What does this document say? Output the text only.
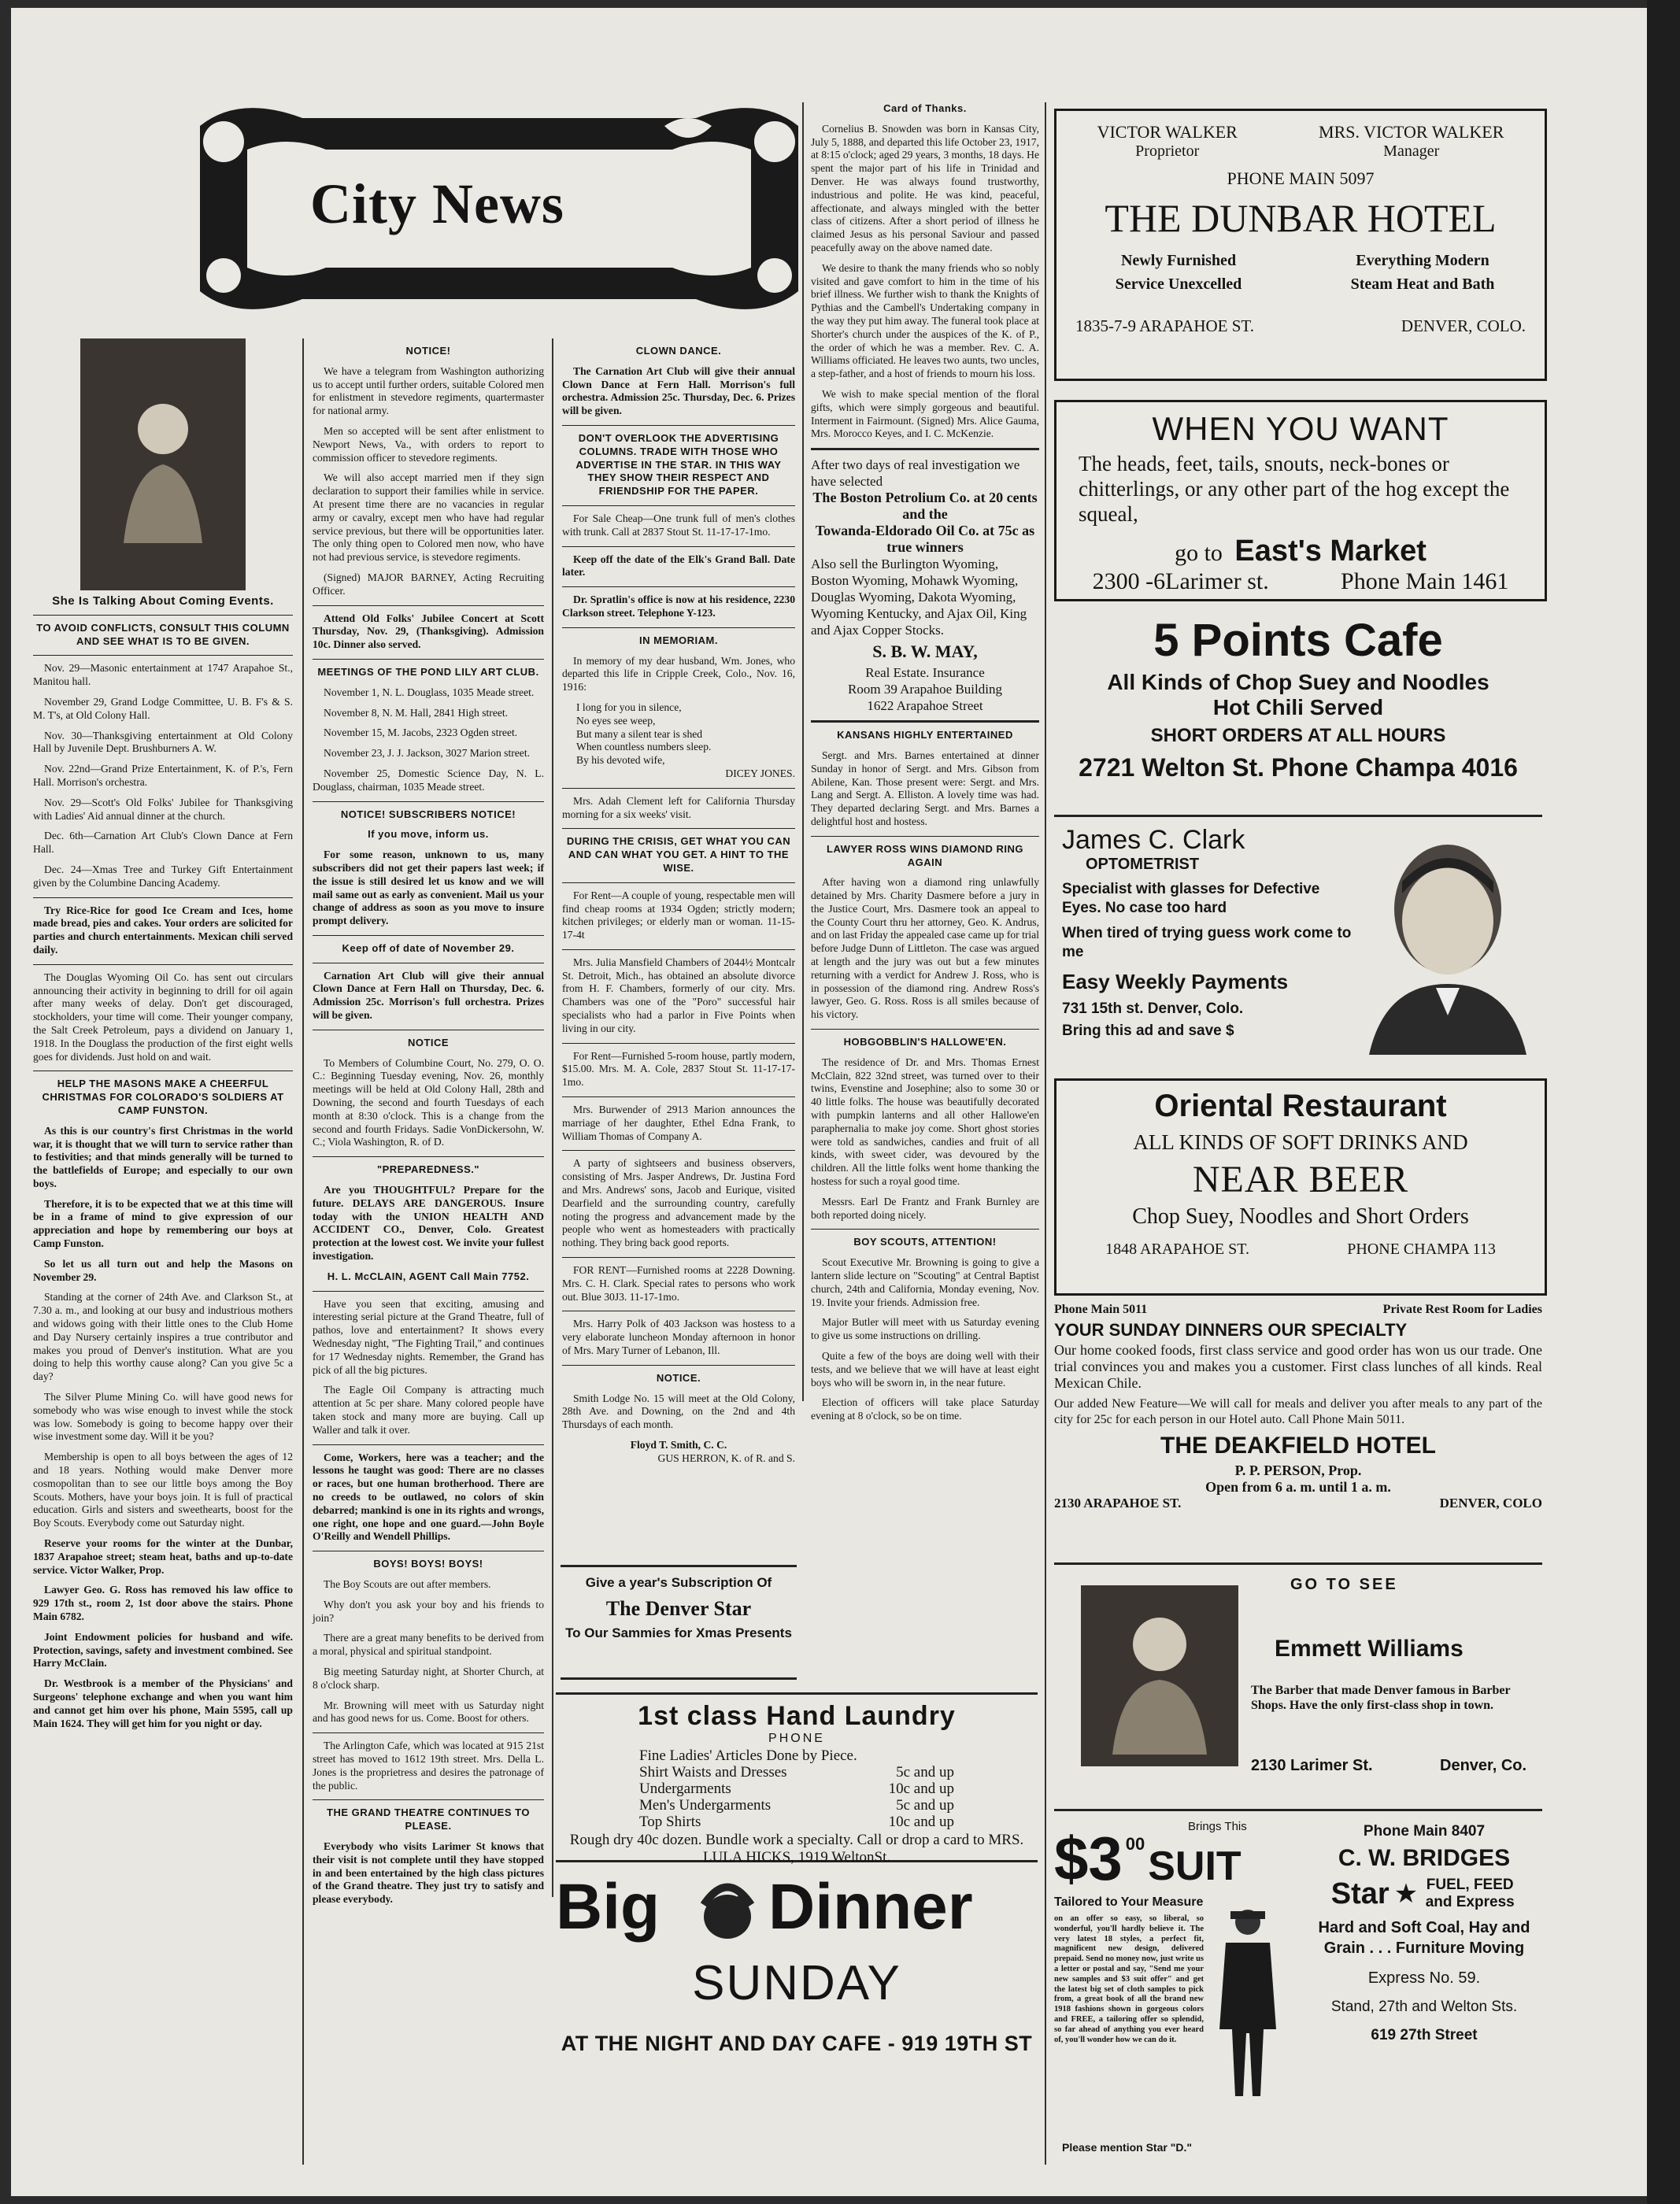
City News
She Is Talking About Coming Events.

TO AVOID CONFLICTS, CONSULT THIS COLUMN AND SEE WHAT IS TO BE GIVEN.

Nov. 29—Masonic entertainment at 1747 Arapahoe St., Manitou hall.

November 29, Grand Lodge Committee, U. B. F's & S. M. T's, at Old Colony Hall.

Nov. 30—Thanksgiving entertainment at Old Colony Hall by Juvenile Dept. Brushburners A. W.

Nov. 22nd—Grand Prize Entertainment, K. of P.'s, Fern Hall. Morrison's orchestra.

Nov. 29—Scott's Old Folks' Jubilee for Thanksgiving with Ladies' Aid annual dinner at the church.

Dec. 6th—Carnation Art Club's Clown Dance at Fern Hall.

Dec. 24—Xmas Tree and Turkey Gift Entertainment given by the Columbine Dancing Academy.

Try Rice-Rice for good Ice Cream and Ices, home made bread, pies and cakes. Your orders are solicited for parties and church entertainments. Mexican chili served daily.

The Douglas Wyoming Oil Co. has sent out circulars announcing their activity in beginning to drill for oil again after many weeks of delay. Don't get discouraged, stockholders, your time will come. Their younger company, the Salt Creek Petroleum, pays a dividend on January 1, 1918. In the Douglass the production of the first eight wells goes for dividends. Just hold on and wait.

HELP THE MASONS MAKE A CHEERFUL CHRISTMAS FOR COLORADO'S SOLDIERS AT CAMP FUNSTON.

As this is our country's first Christmas in the world war, it is thought that we will turn to service rather than to festivities; and that minds generally will be turned to the battlefields of Europe; and especially to our own boys.

Therefore, it is to be expected that we at this time will be in a frame of mind to give expression of our appreciation and hope by remembering our boys at Camp Funston.

So let us all turn out and help the Masons on November 29.

Standing at the corner of 24th Ave. and Clarkson St., at 7.30 a. m., and looking at our busy and industrious mothers and widows going with their little ones to the Club Home and Day Nursery certainly inspires a true contributor and makes you proud of Denver's institution. What are you doing to help this worthy cause along? Can you give 5c a day?

The Silver Plume Mining Co. will have good news for somebody who was wise enough to invest while the stock was low. Somebody is going to become happy over their wise investment some day. Will it be you?

Membership is open to all boys between the ages of 12 and 18 years. Nothing would make Denver more cosmopolitan than to see our little boys among the Boy Scouts. Mothers, have your boys join. It is full of practical education. Girls and sisters and sweethearts, boost for the Boy Scouts. Everybody come out Saturday night.

Reserve your rooms for the winter at the Dunbar, 1837 Arapahoe street; steam heat, baths and up-to-date service. Victor Walker, Prop.

Lawyer Geo. G. Ross has removed his law office to 929 17th st., room 2, 1st door above the stairs. Phone Main 6782.

Joint Endowment policies for husband and wife. Protection, savings, safety and investment combined. See Harry McClain.

Dr. Westbrook is a member of the Physicians' and Surgeons' telephone exchange and when you want him and cannot get him over his phone, Main 5595, call up Main 1624. They will get him for you night or day.

NOTICE!

We have a telegram from Washington authorizing us to accept until further orders, suitable Colored men for enlistment in stevedore regiments, quartermaster for national army.

Men so accepted will be sent after enlistment to Newport News, Va., with orders to report to commission officer to stevedore regiments.

We will also accept married men if they sign declaration to support their families while in service. At present time there are no vacancies in regular army or cavalry, except men who have had regular service previous, but there will be opportunities later. The only thing open to Colored men now, who have not had previous service, is stevedore regiments.

(Signed) MAJOR BARNEY, Acting Recruiting Officer.

Attend Old Folks' Jubilee Concert at Scott Thursday, Nov. 29, (Thanksgiving). Admission 10c. Dinner also served.

MEETINGS OF THE POND LILY ART CLUB.

November 1, N. L. Douglass, 1035 Meade street.

November 8, N. M. Hall, 2841 High street.

November 15, M. Jacobs, 2323 Ogden street.

November 23, J. J. Jackson, 3027 Marion street.

November 25, Domestic Science Day, N. L. Douglass, chairman, 1035 Meade street.

NOTICE! SUBSCRIBERS NOTICE!

If you move, inform us.

For some reason, unknown to us, many subscribers did not get their papers last week; if the issue is still desired let us know and we will mail same out as early as convenient. Mail us your change of address as soon as you move to insure prompt delivery.

Keep off of date of November 29.

Carnation Art Club will give their annual Clown Dance at Fern Hall on Thursday, Dec. 6. Admission 25c. Morrison's full orchestra. Prizes will be given.

NOTICE

To Members of Columbine Court, No. 279, O. O. C.: Beginning Tuesday evening, Nov. 26, monthly meetings will be held at Old Colony Hall, 28th and Downing, the second and fourth Tuesdays of each month at 8:30 o'clock. This is a change from the second and fourth Fridays. Sadie VonDickersohn, W. C.; Viola Washington, R. of D.

"PREPAREDNESS."

Are you THOUGHTFUL? Prepare for the future. DELAYS ARE DANGEROUS. Insure today with the UNION HEALTH AND ACCIDENT CO., Denver, Colo. Greatest protection at the lowest cost. We invite your fullest investigation.

H. L. McCLAIN, AGENT Call Main 7752.

Have you seen that exciting, amusing and interesting serial picture at the Grand Theatre, full of pathos, love and entertainment? It shows every Wednesday night, "The Fighting Trail," and continues for 17 Wednesday nights. Remember, the Grand has pick of all the big pictures.

The Eagle Oil Company is attracting much attention at 5c per share. Many colored people have taken stock and many more are buying. Call up Waller and talk it over.

Come, Workers, here was a teacher; and the lessons he taught was good: There are no classes or races, but one human brotherhood. There are no creeds to be outlawed, no colors of skin debarred; mankind is one in its rights and wrongs, one right, one hope and one guard.—John Boyle O'Reilly and Wendell Phillips.

BOYS! BOYS! BOYS!

The Boy Scouts are out after members.

Why don't you ask your boy and his friends to join?

There are a great many benefits to be derived from a moral, physical and spiritual standpoint.

Big meeting Saturday night, at Shorter Church, at 8 o'clock sharp.

Mr. Browning will meet with us Saturday night and has good news for us. Come. Boost for others.

The Arlington Cafe, which was located at 915 21st street has moved to 1612 19th street. Mrs. Della L. Jones is the proprietress and desires the patronage of the public.

THE GRAND THEATRE CONTINUES TO PLEASE.

Everybody who visits Larimer St knows that their visit is not complete until they have stopped in and been entertained by the high class pictures of the Grand theatre. They just try to satisfy and please everybody.

CLOWN DANCE.

The Carnation Art Club will give their annual Clown Dance at Fern Hall. Morrison's full orchestra. Admission 25c. Thursday, Dec. 6. Prizes will be given.

DON'T OVERLOOK THE ADVERTISING COLUMNS. TRADE WITH THOSE WHO ADVERTISE IN THE STAR. IN THIS WAY THEY SHOW THEIR RESPECT AND FRIENDSHIP FOR THE PAPER.

For Sale Cheap—One trunk full of men's clothes with trunk. Call at 2837 Stout St. 11-17-17-1mo.

Keep off the date of the Elk's Grand Ball. Date later.

Dr. Spratlin's office is now at his residence, 2230 Clarkson street. Telephone Y-123.

IN MEMORIAM.

In memory of my dear husband, Wm. Jones, who departed this life in Cripple Creek, Colo., Nov. 16, 1916:

I long for you in silence,
No eyes see weep,
But many a silent tear is shed
When countless numbers sleep.
By his devoted wife,
DICEY JONES.

Mrs. Adah Clement left for California Thursday morning for a six weeks' visit.

DURING THE CRISIS, GET WHAT YOU CAN AND CAN WHAT YOU GET. A HINT TO THE WISE.

For Rent—A couple of young, respectable men will find cheap rooms at 1934 Ogden; strictly modern; kitchen privileges; or elderly man or woman. 11-15-17-4t

Mrs. Julia Mansfield Chambers of 2044½ Montcalr St. Detroit, Mich., has obtained an absolute divorce from H. F. Chambers, formerly of our city. Mrs. Chambers was one of the "Poro" successful hair specialists who had a parlor in Five Points when living in our city.

For Rent—Furnished 5-room house, partly modern, $15.00. Mrs. M. A. Cole, 2837 Stout St. 11-17-17-1mo.

Mrs. Burwender of 2913 Marion announces the marriage of her daughter, Ethel Edna Frank, to William Thomas of Company A.

A party of sightseers and business observers, consisting of Mrs. Jasper Andrews, Dr. Justina Ford and Mrs. Andrews' sons, Jacob and Eurique, visited Dearfield and the surrounding country, carefully noting the progress and advancement made by the people who went as homesteaders with practically nothing. They bring back good reports.

FOR RENT—Furnished rooms at 2228 Downing. Mrs. C. H. Clark. Special rates to persons who work out. Blue 30J3. 11-17-1mo.

Mrs. Harry Polk of 403 Jackson was hostess to a very elaborate luncheon Monday afternoon in honor of Mrs. Mary Turner of Lebanon, Ill.

NOTICE.

Smith Lodge No. 15 will meet at the Old Colony, 28th Ave. and Downing, on the 2nd and 4th Thursdays of each month.

Floyd T. Smith, C. C.
GUS HERRON, K. of R. and S.
Give a year's Subscription Of
The Denver Star
To Our Sammies for Xmas Presents

Card of Thanks.

Cornelius B. Snowden was born in Kansas City, July 5, 1888, and departed this life October 23, 1917, at 8:15 o'clock; aged 29 years, 3 months, 18 days. He spent the major part of his life in Trinidad and Denver. He was always found trustworthy, industrious and polite. He was kind, peaceful, affectionate, and always mingled with the better class of citizens. After a short period of illness he claimed Jesus as his personal Saviour and passed peacefully away on the above named date.

We desire to thank the many friends who so nobly visited and gave comfort to him in the time of his brief illness. We further wish to thank the Knights of Pythias and the Cambell's Undertaking company in the way they put him away. The funeral took place at Shorter's church under the auspices of the K. of P., the order of which he was a member. Rev. C. A. Williams officiated. He leaves two aunts, two uncles, a step-father, and a host of friends to mourn his loss.

We wish to make special mention of the floral gifts, which were simply gorgeous and beautiful. Interment in Fairmount. (Signed) Mrs. Alice Gauma, Mrs. Morocco Keyes, and I. C. McKenzie.

After two days of real investigation we have selected
The Boston Petrolium Co. at 20 cents and the
Towanda-Eldorado Oil Co. at 75c as true winners
Also sell the Burlington Wyoming, Boston Wyoming, Mohawk Wyoming, Douglas Wyoming, Dakota Wyoming, Wyoming Kentucky, and Ajax Oil, King and Ajax Copper Stocks.
S. B. W. MAY,
Real Estate. Insurance
Room 39 Arapahoe Building
1622 Arapahoe Street

KANSANS HIGHLY ENTERTAINED

Sergt. and Mrs. Barnes entertained at dinner Sunday in honor of Sergt. and Mrs. Gibson from Abilene, Kan. Those present were: Sergt. and Mrs. Lang and Sergt. A. Elliston. A lovely time was had. They departed declaring Sergt. and Mrs. Barnes a delightful host and hostess.

LAWYER ROSS WINS DIAMOND RING AGAIN

After having won a diamond ring unlawfully detained by Mrs. Charity Dasmere before a jury in the Justice Court, Mrs. Dasmere took an appeal to the County Court thru her attorney, Geo. K. Andrus, and on last Friday the appealed case came up for trial before Judge Dunn of Littleton. The case was argued at length and the jury was out but a few minutes returning with a verdict for Andrew J. Ross, who is in possession of the diamond ring. Andrew Ross's lawyer, Geo. G. Ross. Ross is all smiles because of his victory.

HOBGOBBLIN'S HALLOWE'EN.

The residence of Dr. and Mrs. Thomas Ernest McClain, 822 32nd street, was turned over to their twins, Evenstine and Josephine; also to some 30 or 40 little folks. The house was beautifully decorated with pumpkin lanterns and all other Hallowe'en paraphernalia to make joy come. Short ghost stories were told as sandwiches, candies and fruit of all kinds, with sweet cider, was devoured by the children. All the little folks went home thanking the hostess for such a royal good time.

Messrs. Earl De Frantz and Frank Burnley are both reported doing nicely.

BOY SCOUTS, ATTENTION!

Scout Executive Mr. Browning is going to give a lantern slide lecture on "Scouting" at Central Baptist church, 24th and California, Monday evening, Nov. 19. Invite your friends. Admission free.

Major Butler will meet with us Saturday evening to give us some instructions on drilling.

Quite a few of the boys are doing well with their tests, and we believe that we will have at least eight boys who will be sworn in, in the near future.

Election of officers will take place Saturday evening at 8 o'clock, so be on time.

1st class Hand Laundry
PHONE
Fine Ladies' Articles Done by Piece.
Shirt Waists and Dresses	5c and up
Undergarments	10c and up
Men's Undergarments	5c and up
Top Shirts	10c and up
Rough dry 40c dozen. Bundle work a specialty. Call or drop a card to MRS. LULA HICKS, 1919 WeltonSt.
Big Dinner
SUNDAY
AT THE NIGHT AND DAY CAFE - 919 19TH ST
VICTOR WALKER
Proprietor
MRS. VICTOR WALKER
Manager
PHONE MAIN 5097
THE DUNBAR HOTEL
Newly Furnished	Everything Modern
Service Unexcelled	Steam Heat and Bath
1835-7-9 ARAPAHOE ST.	DENVER, COLO.
WHEN YOU WANT
The heads, feet, tails, snouts, neck-bones or chitterlings, or any other part of the hog except the squeal,
go to East's Market
2300 -6Larimer st.	Phone Main 1461
5 Points Cafe
All Kinds of Chop Suey and Noodles
Hot Chili Served
SHORT ORDERS AT ALL HOURS
2721 Welton St. Phone Champa 4016
James C. Clark
OPTOMETRIST
Specialist with glasses for Defective Eyes. No case too hard
When tired of trying guess work come to me
Easy Weekly Payments
731 15th st. Denver, Colo.
Bring this ad and save $
Oriental Restaurant
ALL KINDS OF SOFT DRINKS AND
NEAR BEER
Chop Suey, Noodles and Short Orders
1848 ARAPAHOE ST.	PHONE CHAMPA 113
Phone Main 5011	Private Rest Room for Ladies
YOUR SUNDAY DINNERS OUR SPECIALTY
Our home cooked foods, first class service and good order has won us our trade. One trial convinces you and makes you a customer. First class lunches of all kinds. Real Mexican Chile.
Our added New Feature—We will call for meals and deliver you after meals to any part of the city for 25c for each person in our Hotel auto. Call Phone Main 5011.
THE DEAKFIELD HOTEL
P. P. PERSON, Prop.
Open from 6 a. m. until 1 a. m.
2130 ARAPAHOE ST.	DENVER, COLO
GO TO SEE
Emmett Williams
The Barber that made Denver famous in Barber Shops. Have the only first-class shop in town.
2130 Larimer St.	Denver, Co.
Brings This
$3 00 SUIT
Tailored to Your Measure
on an offer so easy, so liberal, so wonderful, you'll hardly believe it. The very latest 18 styles, a perfect fit, magnificent new design, delivered prepaid. Send no money now, just write us a letter or postal and say, "Send me your new samples and $3 suit offer" and get the latest big set of cloth samples to pick from, a great book of all the brand new 1918 fashions shown in gorgeous colors and FREE, a tailoring offer so splendid, so far ahead of anything you ever heard of, you'll wonder how we can do it.
Please mention Star "D."
Phone Main 8407
C. W. BRIDGES
Star ★ FUEL, FEED and Express
Hard and Soft Coal, Hay and Grain . . . Furniture Moving
Express No. 59.
Stand, 27th and Welton Sts.
619 27th Street
